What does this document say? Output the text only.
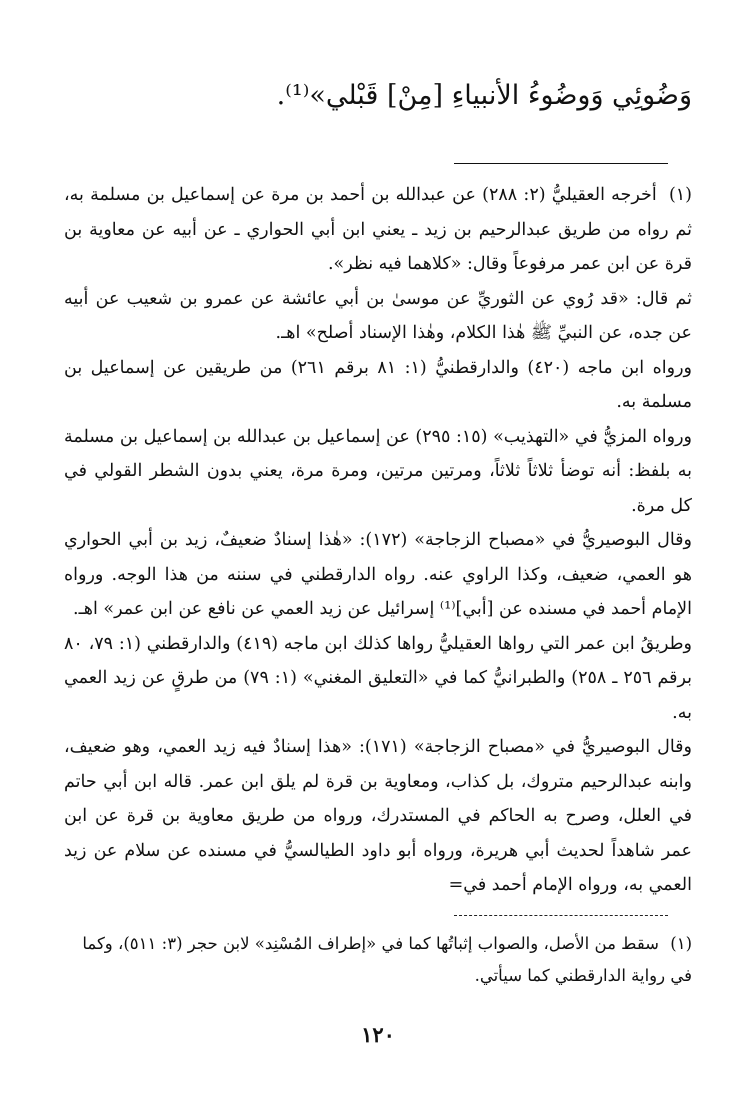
وَضُوئِي وَوضُوءُ الأنبياءِ [مِنْ] قَبْلي»⁽¹⁾.

(١) أخرجه العقيليُّ (٢: ٢٨٨) عن عبدالله بن أحمد بن مرة عن إسماعيل بن مسلمة به، ثم رواه من طريق عبدالرحيم بن زيد ـ يعني ابن أبي الحواري ـ عن أبيه عن معاوية بن قرة عن ابن عمر مرفوعاً وقال: «كلاهما فيه نظر».

ثم قال: «قد رُوي عن الثوريِّ عن موسىٰ بن أبي عائشة عن عمرو بن شعيب عن أبيه عن جده، عن النبيِّ ﷺ هٰذا الكلام، وهٰذا الإسناد أصلح» اهـ.

ورواه ابن ماجه (٤٢٠) والدارقطنيُّ (١: ٨١ برقم ٢٦١) من طريقين عن إسماعيل بن مسلمة به.

ورواه المزيُّ في «التهذيب» (١٥: ٢٩٥) عن إسماعيل بن عبدالله بن إسماعيل بن مسلمة به بلفظ: أنه توضأ ثلاثاً ثلاثاً، ومرتين مرتين، ومرة مرة، يعني بدون الشطر القولي في كل مرة.

وقال البوصيريُّ في «مصباح الزجاجة» (١٧٢): «هٰذا إسنادٌ ضعيفٌ، زيد بن أبي الحواري هو العمي، ضعيف، وكذا الراوي عنه. رواه الدارقطني في سننه من هذا الوجه. ورواه الإمام أحمد في مسنده عن [أبي]⁽¹⁾ إسرائيل عن زيد العمي عن نافع عن ابن عمر» اهـ.

وطريقُ ابن عمر التي رواها العقيليُّ رواها كذلك ابن ماجه (٤١٩) والدارقطني (١: ٧٩، ٨٠ برقم ٢٥٦ ـ ٢٥٨) والطبرانيُّ كما في «التعليق المغني» (١: ٧٩) من طرقٍ عن زيد العمي به.

وقال البوصيريُّ في «مصباح الزجاجة» (١٧١): «هذا إسنادٌ فيه زيد العمي، وهو ضعيف، وابنه عبدالرحيم متروك، بل كذاب، ومعاوية بن قرة لم يلق ابن عمر. قاله ابن أبي حاتم في العلل، وصرح به الحاكم في المستدرك، ورواه من طريق معاوية بن قرة عن ابن عمر شاهداً لحديث أبي هريرة، ورواه أبو داود الطيالسيُّ في مسنده عن سلام عن زيد العمي به، ورواه الإمام أحمد في=

(١) سقط من الأصل، والصواب إثباتُها كما في «إطراف المُسْنِد» لابن حجر (٣: ٥١١)، وكما في رواية الدارقطني كما سيأتي.
١٢٠
